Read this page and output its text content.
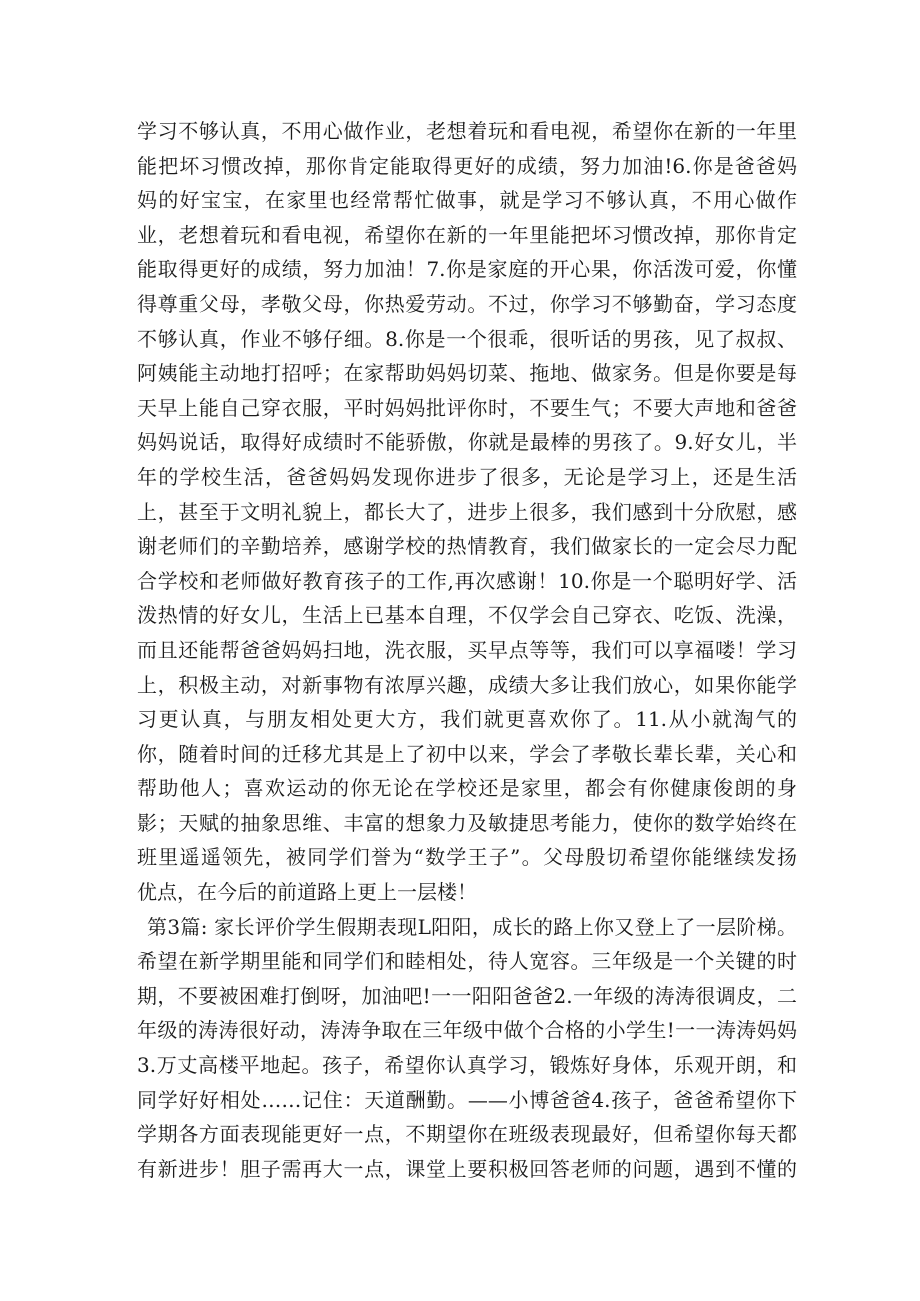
学习不够认真，不用心做作业，老想着玩和看电视，希望你在新的一年里
能把坏习惯改掉，那你肯定能取得更好的成绩，努力加油!6.你是爸爸妈
妈的好宝宝，在家里也经常帮忙做事，就是学习不够认真，不用心做作
业，老想着玩和看电视，希望你在新的一年里能把坏习惯改掉，那你肯定
能取得更好的成绩，努力加油！7.你是家庭的开心果，你活泼可爱，你懂
得尊重父母，孝敬父母，你热爱劳动。不过，你学习不够勤奋，学习态度
不够认真，作业不够仔细。8.你是一个很乖，很听话的男孩，见了叔叔、
阿姨能主动地打招呼；在家帮助妈妈切菜、拖地、做家务。但是你要是每
天早上能自己穿衣服，平时妈妈批评你时，不要生气；不要大声地和爸爸
妈妈说话，取得好成绩时不能骄傲，你就是最棒的男孩了。9.好女儿，半
年的学校生活，爸爸妈妈发现你进步了很多，无论是学习上，还是生活
上，甚至于文明礼貌上，都长大了，进步上很多，我们感到十分欣慰，感
谢老师们的辛勤培养，感谢学校的热情教育，我们做家长的一定会尽力配
合学校和老师做好教育孩子的工作,再次感谢！10.你是一个聪明好学、活
泼热情的好女儿，生活上已基本自理，不仅学会自己穿衣、吃饭、洗澡，
而且还能帮爸爸妈妈扫地，洗衣服，买早点等等，我们可以享福喽！学习
上，积极主动，对新事物有浓厚兴趣，成绩大多让我们放心，如果你能学
习更认真，与朋友相处更大方，我们就更喜欢你了。11.从小就淘气的
你，随着时间的迁移尤其是上了初中以来，学会了孝敬长辈长辈，关心和
帮助他人；喜欢运动的你无论在学校还是家里，都会有你健康俊朗的身
影；天赋的抽象思维、丰富的想象力及敏捷思考能力，使你的数学始终在
班里遥遥领先，被同学们誉为“数学王子”。父母殷切希望你能继续发扬
优点，在今后的前道路上更上一层楼！
第3篇: 家长评价学生假期表现L阳阳，成长的路上你又登上了一层阶梯。
希望在新学期里能和同学们和睦相处，待人宽容。三年级是一个关键的时
期，不要被困难打倒呀，加油吧!一一阳阳爸爸2.一年级的涛涛很调皮，二
年级的涛涛很好动，涛涛争取在三年级中做个合格的小学生!一一涛涛妈妈
3.万丈高楼平地起。孩子，希望你认真学习，锻炼好身体，乐观开朗，和
同学好好相处……记住：天道酬勤。——小博爸爸4.孩子，爸爸希望你下
学期各方面表现能更好一点，不期望你在班级表现最好，但希望你每天都
有新进步！胆子需再大一点，课堂上要积极回答老师的问题，遇到不懂的
